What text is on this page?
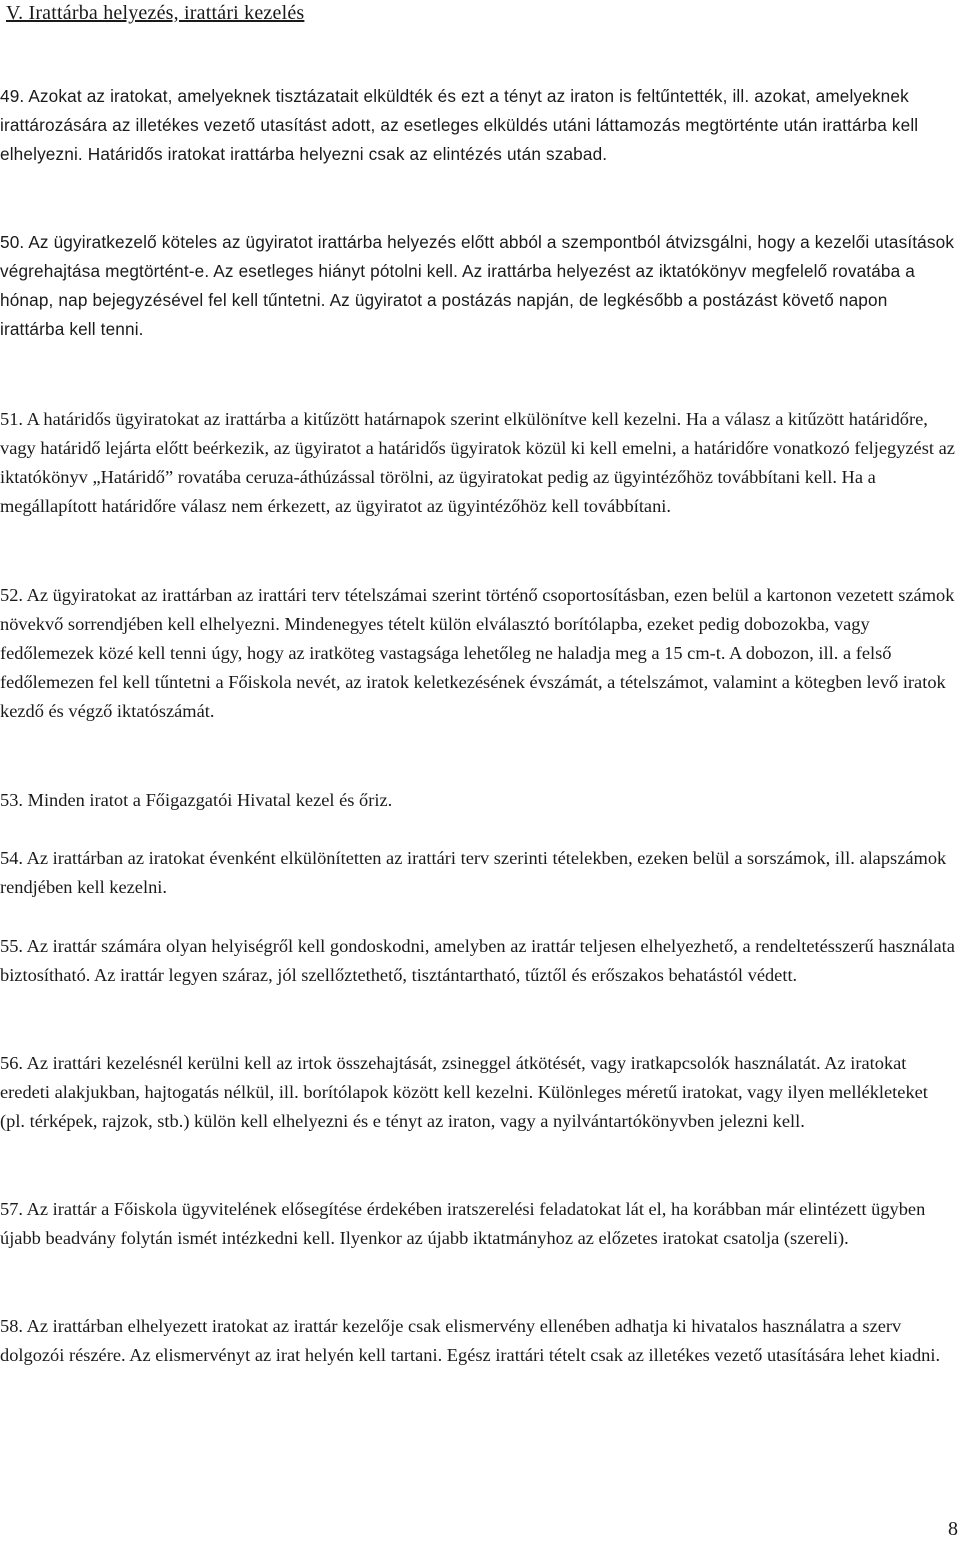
V. Irattárba helyezés, irattári kezelés

49. Azokat az iratokat, amelyeknek tisztázatait elküldték és ezt a tényt az iraton is feltűntették, ill. azokat, amelyeknek irattározására az illetékes vezető utasítást adott, az esetleges elküldés utáni láttamozás megtörténte után irattárba kell elhelyezni. Határidős iratokat irattárba helyezni csak az elintézés után szabad.

50. Az ügyiratkezelő köteles az ügyiratot irattárba helyezés előtt abból a szempontból átvizsgálni, hogy a kezelői utasítások végrehajtása megtörtént-e. Az esetleges hiányt pótolni kell. Az irattárba helyezést az iktatókönyv megfelelő rovatába a hónap, nap bejegyzésével fel kell tűntetni. Az ügyiratot a postázás napján, de legkésőbb a postázást követő napon irattárba kell tenni.

51. A határidős ügyiratokat az irattárba a kitűzött határnapok szerint elkülönítve kell kezelni. Ha a válasz a kitűzött határidőre, vagy határidő lejárta előtt beérkezik, az ügyiratot a határidős ügyiratok közül ki kell emelni, a határidőre vonatkozó feljegyzést az iktatókönyv „Határidő” rovatába ceruza-áthúzással törölni, az ügyiratokat pedig az ügyintézőhöz továbbítani kell. Ha a megállapított határidőre válasz nem érkezett, az ügyiratot az ügyintézőhöz kell továbbítani.

52. Az ügyiratokat az irattárban az irattári terv tételszámai szerint történő csoportosításban, ezen belül a kartonon vezetett számok növekvő sorrendjében kell elhelyezni. Mindenegyes tételt külön elválasztó borítólapba, ezeket pedig dobozokba, vagy fedőlemezek közé kell tenni úgy, hogy az iratköteg vastagsága lehetőleg ne haladja meg a 15 cm-t. A dobozon, ill. a felső fedőlemezen fel kell tűntetni a Főiskola nevét, az iratok keletkezésének évszámát, a tételszámot, valamint a kötegben levő iratok kezdő és végző iktatószámát.

53. Minden iratot a Főigazgatói Hivatal kezel és őriz.

54. Az irattárban az iratokat évenként elkülönítetten az irattári terv szerinti tételekben, ezeken belül a sorszámok, ill. alapszámok rendjében kell kezelni.

55. Az irattár számára olyan helyiségről kell gondoskodni, amelyben az irattár teljesen elhelyezhető, a rendeltetésszerű használata biztosítható. Az irattár legyen száraz, jól szellőztethető, tisztántartható, tűztől és erőszakos behatástól védett.

56. Az irattári kezelésnél kerülni kell az irtok összehajtását, zsineggel átkötését, vagy iratkapcsolók használatát. Az iratokat eredeti alakjukban, hajtogatás nélkül, ill. borítólapok között kell kezelni. Különleges méretű iratokat, vagy ilyen mellékleteket (pl. térképek, rajzok, stb.) külön kell elhelyezni és e tényt az iraton, vagy a nyilvántartókönyvben jelezni kell.

57. Az irattár a Főiskola ügyvitelének elősegítése érdekében iratszerelési feladatokat lát el, ha korábban már elintézett ügyben újabb beadvány folytán ismét intézkedni kell. Ilyenkor az újabb iktatmányhoz az előzetes iratokat csatolja (szereli).

58. Az irattárban elhelyezett iratokat az irattár kezelője csak elismervény ellenében adhatja ki hivatalos használatra a szerv dolgozói részére. Az elismervényt az irat helyén kell tartani. Egész irattári tételt csak az illetékes vezető utasítására lehet kiadni.

8
